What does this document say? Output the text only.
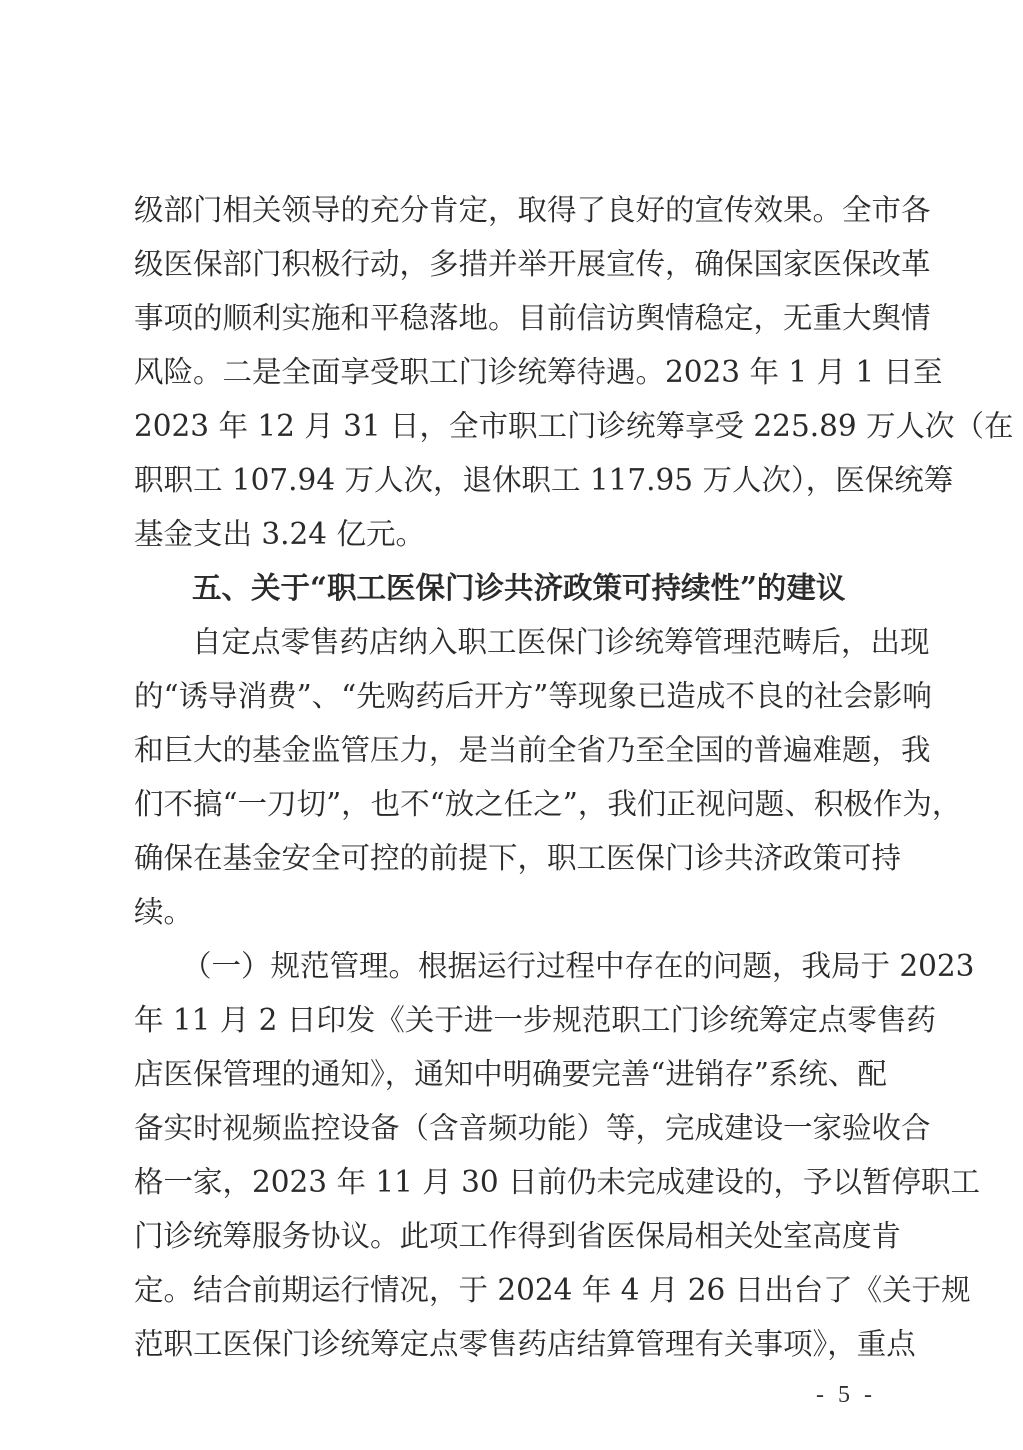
级部门相关领导的充分肯定，取得了良好的宣传效果。全市各
级医保部门积极行动，多措并举开展宣传，确保国家医保改革
事项的顺利实施和平稳落地。目前信访舆情稳定，无重大舆情
风险。二是全面享受职工门诊统筹待遇。2023 年 1 月 1 日至
2023 年 12 月 31 日，全市职工门诊统筹享受 225.89 万人次（在
职职工 107.94 万人次，退休职工 117.95 万人次），医保统筹
基金支出 3.24 亿元。
五、关于“职工医保门诊共济政策可持续性”的建议
自定点零售药店纳入职工医保门诊统筹管理范畴后，出现
的“诱导消费”、“先购药后开方”等现象已造成不良的社会影响
和巨大的基金监管压力，是当前全省乃至全国的普遍难题，我
们不搞“一刀切”，也不“放之任之”，我们正视问题、积极作为，
确保在基金安全可控的前提下，职工医保门诊共济政策可持
续。
（一）规范管理。根据运行过程中存在的问题，我局于 2023
年 11 月 2 日印发《关于进一步规范职工门诊统筹定点零售药
店医保管理的通知》，通知中明确要完善“进销存”系统、配
备实时视频监控设备（含音频功能）等，完成建设一家验收合
格一家，2023 年 11 月 30 日前仍未完成建设的，予以暂停职工
门诊统筹服务协议。此项工作得到省医保局相关处室高度肯
定。结合前期运行情况，于 2024 年 4 月 26 日出台了《关于规
范职工医保门诊统筹定点零售药店结算管理有关事项》，重点
- 5 -
